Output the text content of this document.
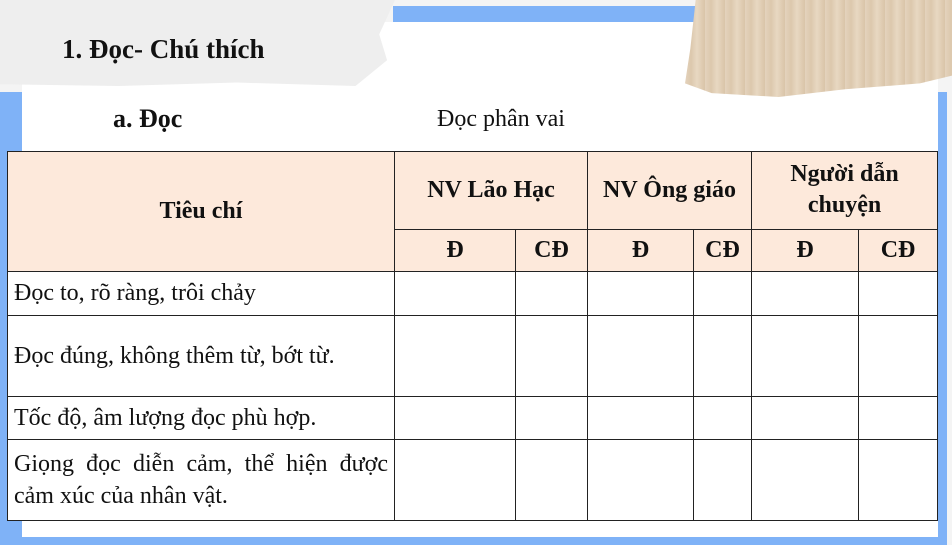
1. Đọc- Chú thích
a. Đọc	Đọc phân vai
Tiêu chí	NV Lão Hạc		NV Ông giáo		Người dẫn chuyện	
	Đ	CĐ	Đ	CĐ	Đ	CĐ
Đọc to, rõ ràng, trôi chảy						
Đọc đúng, không thêm từ, bớt từ.						
Tốc độ, âm lượng đọc phù hợp.						
Giọng đọc diễn cảm, thể hiện được cảm xúc của nhân vật.						
